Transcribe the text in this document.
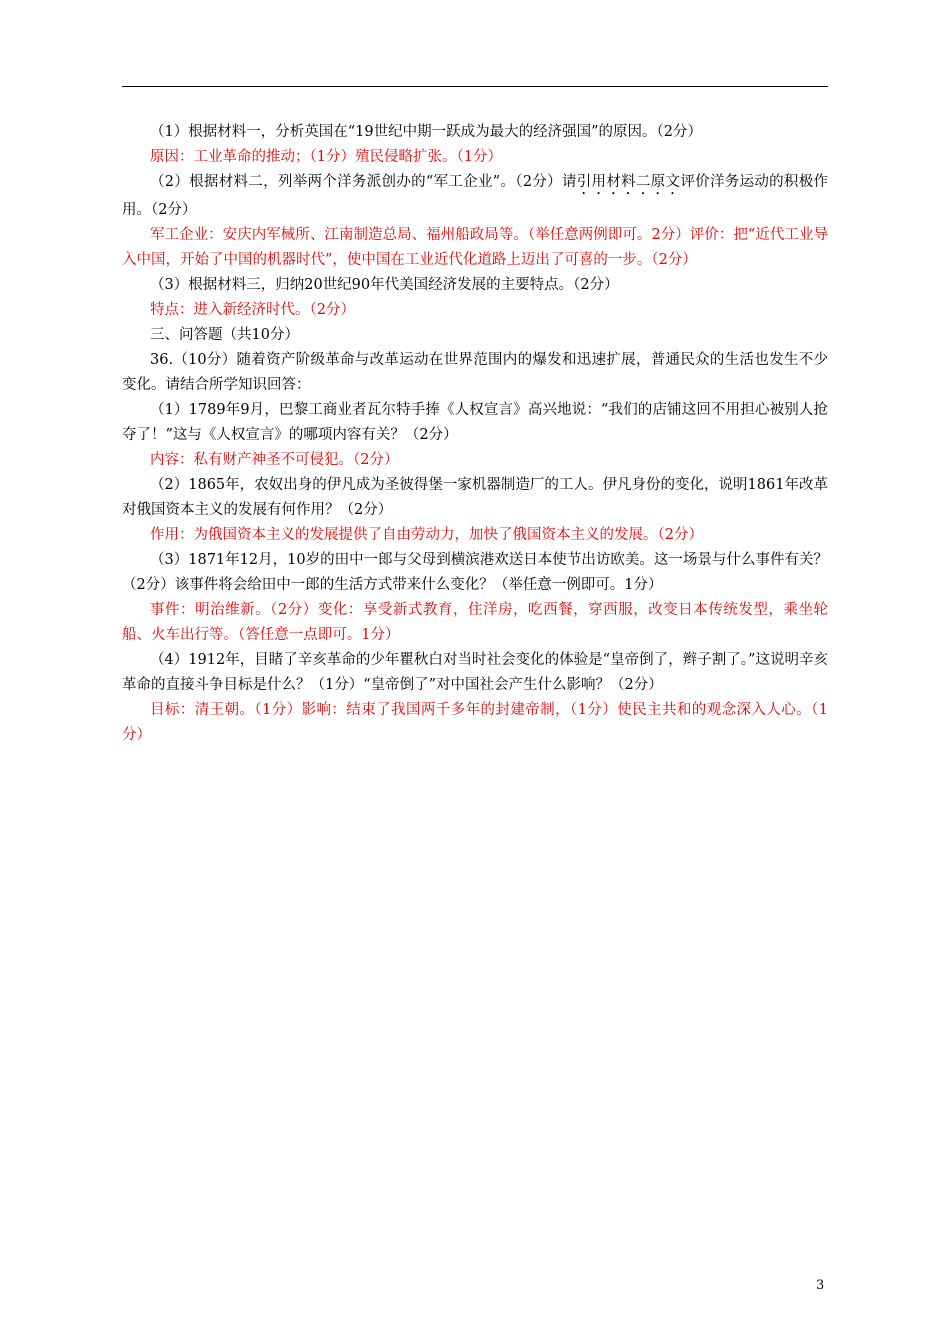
（1）根据材料一，分析英国在“19世纪中期一跃成为最大的经济强国”的原因。（2分）

原因：工业革命的推动；（1分）殖民侵略扩张。（1分）

（2）根据材料二，列举两个洋务派创办的“军工企业”。（2分）请引用材料二原文评价洋务运动的积极作用。（2分）

军工企业：安庆内军械所、江南制造总局、福州船政局等。（举任意两例即可。2分）评价：把“近代工业导入中国，开始了中国的机器时代”，使中国在工业近代化道路上迈出了可喜的一步。（2分）

（3）根据材料三，归纳20世纪90年代美国经济发展的主要特点。（2分）

特点：进入新经济时代。（2分）

三、问答题（共10分）

36.（10分）随着资产阶级革命与改革运动在世界范围内的爆发和迅速扩展，普通民众的生活也发生不少变化。请结合所学知识回答：

（1）1789年9月，巴黎工商业者瓦尔特手捧《人权宣言》高兴地说：“我们的店铺这回不用担心被别人抢夺了！”这与《人权宣言》的哪项内容有关？（2分）

内容：私有财产神圣不可侵犯。（2分）

（2）1865年，农奴出身的伊凡成为圣彼得堡一家机器制造厂的工人。伊凡身份的变化，说明1861年改革对俄国资本主义的发展有何作用？（2分）

作用：为俄国资本主义的发展提供了自由劳动力，加快了俄国资本主义的发展。（2分）

（3）1871年12月，10岁的田中一郎与父母到横滨港欢送日本使节出访欧美。这一场景与什么事件有关？（2分）该事件将会给田中一郎的生活方式带来什么变化？（举任意一例即可。1分）

事件：明治维新。（2分）变化：享受新式教育，住洋房，吃西餐，穿西服，改变日本传统发型，乘坐轮船、火车出行等。（答任意一点即可。1分）

（4）1912年，目睹了辛亥革命的少年瞿秋白对当时社会变化的体验是“皇帝倒了，辫子割了。”这说明辛亥革命的直接斗争目标是什么？（1分）“皇帝倒了”对中国社会产生什么影响？（2分）

目标：清王朝。（1分）影响：结束了我国两千多年的封建帝制，（1分）使民主共和的观念深入人心。（1分）

3
